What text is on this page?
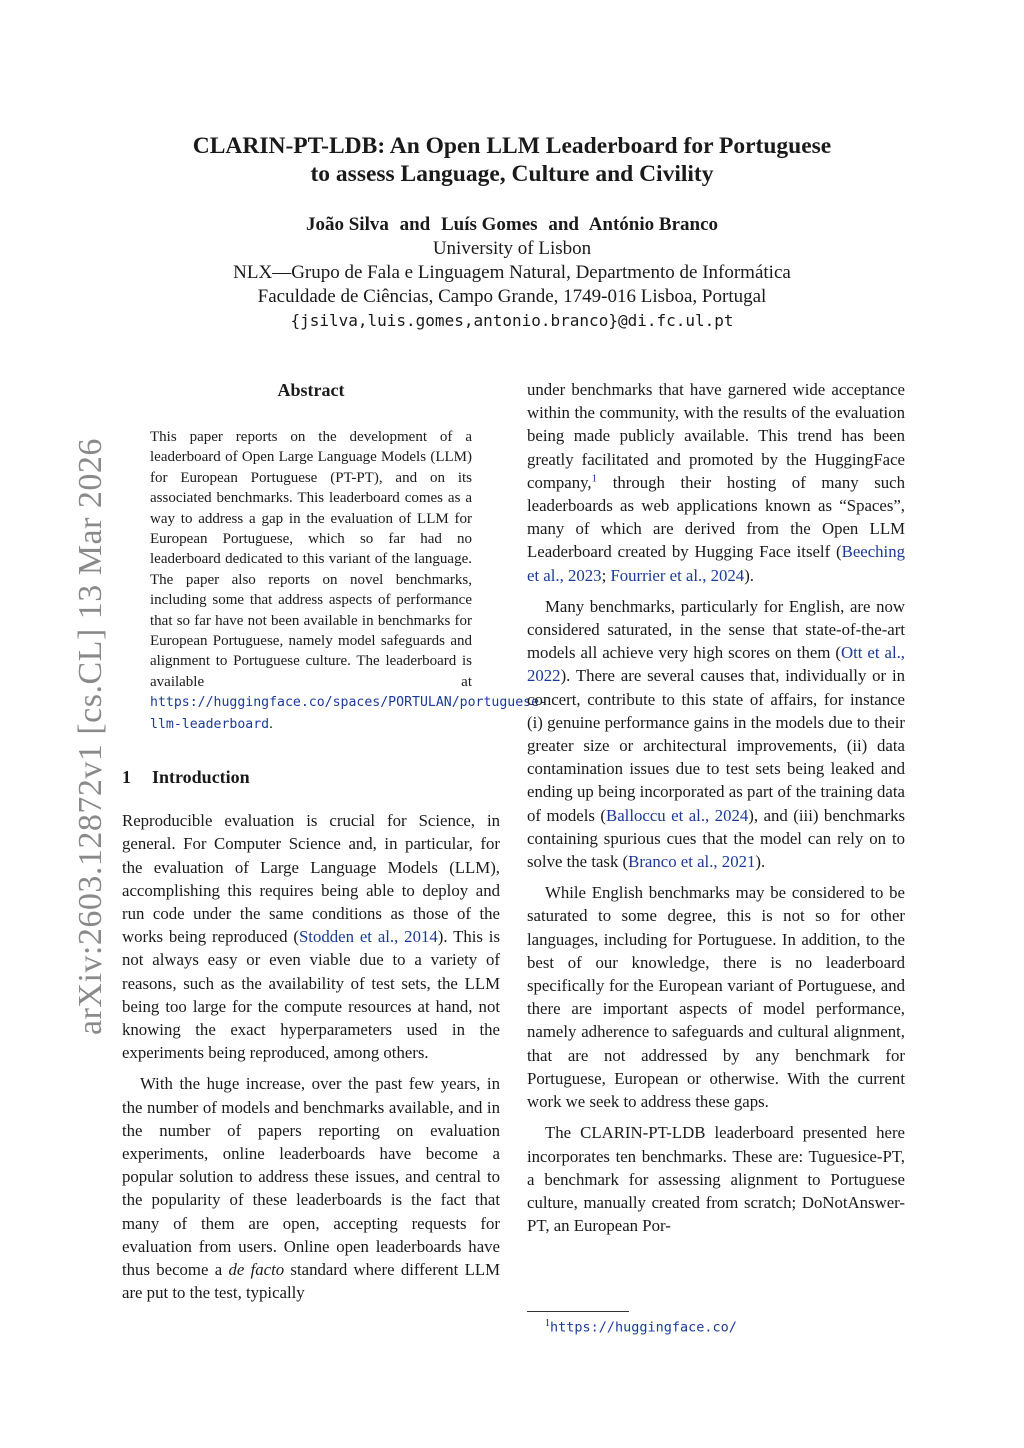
arXiv:2603.12872v1 [cs.CL] 13 Mar 2026
CLARIN-PT-LDB: An Open LLM Leaderboard for Portuguese
to assess Language, Culture and Civility
João Silva and Luís Gomes and António Branco
University of Lisbon
NLX—Grupo de Fala e Linguagem Natural, Departmento de Informática
Faculdade de Ciências, Campo Grande, 1749-016 Lisboa, Portugal
{jsilva,luis.gomes,antonio.branco}@di.fc.ul.pt
Abstract
This paper reports on the development of a leaderboard of Open Large Language Models (LLM) for European Portuguese (PT-PT), and on its associated benchmarks. This leaderboard comes as a way to address a gap in the evaluation of LLM for European Portuguese, which so far had no leaderboard dedicated to this variant of the language. The paper also reports on novel benchmarks, including some that address aspects of performance that so far have not been available in benchmarks for European Portuguese, namely model safeguards and alignment to Portuguese culture. The leaderboard is available at https://huggingface.co/spaces/PORTULAN/portuguese-llm-leaderboard.
1 Introduction

Reproducible evaluation is crucial for Science, in general. For Computer Science and, in particular, for the evaluation of Large Language Models (LLM), accomplishing this requires being able to deploy and run code under the same conditions as those of the works being reproduced (Stodden et al., 2014). This is not always easy or even viable due to a variety of reasons, such as the availability of test sets, the LLM being too large for the compute resources at hand, not knowing the exact hyperparameters used in the experiments being reproduced, among others.

With the huge increase, over the past few years, in the number of models and benchmarks available, and in the number of papers reporting on evaluation experiments, online leaderboards have become a popular solution to address these issues, and central to the popularity of these leaderboards is the fact that many of them are open, accepting requests for evaluation from users. Online open leaderboards have thus become a de facto standard where different LLM are put to the test, typically

under benchmarks that have garnered wide acceptance within the community, with the results of the evaluation being made publicly available. This trend has been greatly facilitated and promoted by the HuggingFace company,$^1$ through their hosting of many such leaderboards as web applications known as “Spaces”, many of which are derived from the Open LLM Leaderboard created by Hugging Face itself (Beeching et al., 2023; Fourrier et al., 2024).

Many benchmarks, particularly for English, are now considered saturated, in the sense that state-of-the-art models all achieve very high scores on them (Ott et al., 2022). There are several causes that, individually or in concert, contribute to this state of affairs, for instance (i) genuine performance gains in the models due to their greater size or architectural improvements, (ii) data contamination issues due to test sets being leaked and ending up being incorporated as part of the training data of models (Balloccu et al., 2024), and (iii) benchmarks containing spurious cues that the model can rely on to solve the task (Branco et al., 2021).

While English benchmarks may be considered to be saturated to some degree, this is not so for other languages, including for Portuguese. In addition, to the best of our knowledge, there is no leaderboard specifically for the European variant of Portuguese, and there are important aspects of model performance, namely adherence to safeguards and cultural alignment, that are not addressed by any benchmark for Portuguese, European or otherwise. With the current work we seek to address these gaps.

The CLARIN-PT-LDB leaderboard presented here incorporates ten benchmarks. These are: Tuguesice-PT, a benchmark for assessing alignment to Portuguese culture, manually created from scratch; DoNotAnswer-PT, an European Por-

$^1$https://huggingface.co/
